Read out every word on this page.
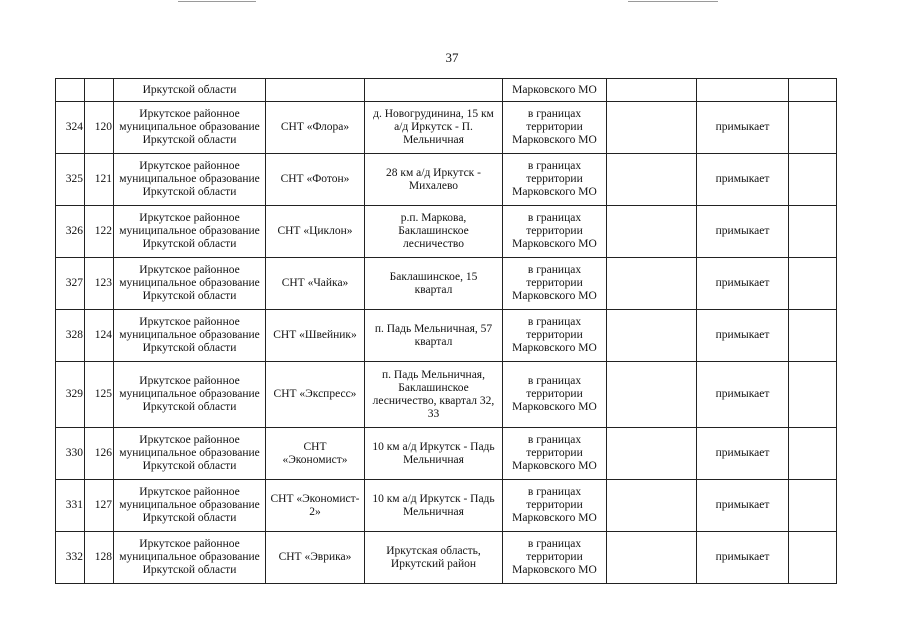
37
		Иркутской области			Марковского МО			
324	120	Иркутское районное
муниципальное образование
Иркутской области	СНТ «Флора»	д. Новогрудинина, 15 км
а/д Иркутск - П.
Мельничная	в границах
территории
Марковского МО		примыкает	
325	121	Иркутское районное
муниципальное образование
Иркутской области	СНТ «Фотон»	28 км а/д Иркутск -
Михалево	в границах
территории
Марковского МО		примыкает	
326	122	Иркутское районное
муниципальное образование
Иркутской области	СНТ «Циклон»	р.п. Маркова,
Баклашинское
лесничество	в границах
территории
Марковского МО		примыкает	
327	123	Иркутское районное
муниципальное образование
Иркутской области	СНТ «Чайка»	Баклашинское, 15
квартал	в границах
территории
Марковского МО		примыкает	
328	124	Иркутское районное
муниципальное образование
Иркутской области	СНТ «Швейник»	п. Падь Мельничная, 57
квартал	в границах
территории
Марковского МО		примыкает	
329	125	Иркутское районное
муниципальное образование
Иркутской области	СНТ «Экспресс»	п. Падь Мельничная,
Баклашинское
лесничество, квартал 32,
33	в границах
территории
Марковского МО		примыкает	
330	126	Иркутское районное
муниципальное образование
Иркутской области	СНТ
«Экономист»	10 км а/д Иркутск - Падь
Мельничная	в границах
территории
Марковского МО		примыкает	
331	127	Иркутское районное
муниципальное образование
Иркутской области	СНТ «Экономист-
2»	10 км а/д Иркутск - Падь
Мельничная	в границах
территории
Марковского МО		примыкает	
332	128	Иркутское районное
муниципальное образование
Иркутской области	СНТ «Эврика»	Иркутская область,
Иркутский район	в границах
территории
Марковского МО		примыкает	
